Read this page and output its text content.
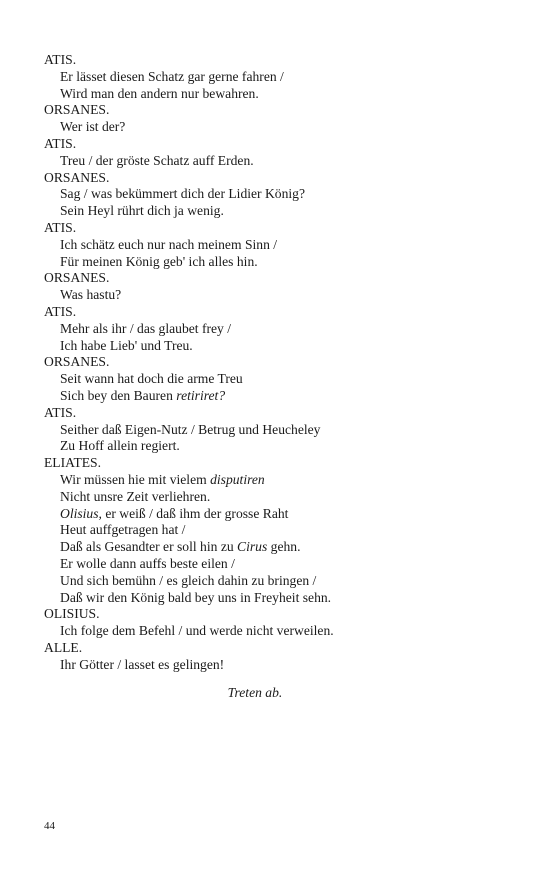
ATIS.
Er lässet diesen Schatz gar gerne fahren /
Wird man den andern nur bewahren.
ORSANES.
Wer ist der?
ATIS.
Treu / der gröste Schatz auff Erden.
ORSANES.
Sag / was bekümmert dich der Lidier König?
Sein Heyl rührt dich ja wenig.
ATIS.
Ich schätz euch nur nach meinem Sinn /
Für meinen König geb' ich alles hin.
ORSANES.
Was hastu?
ATIS.
Mehr als ihr / das glaubet frey /
Ich habe Lieb' und Treu.
ORSANES.
Seit wann hat doch die arme Treu
Sich bey den Bauren retiriret?
ATIS.
Seither daß Eigen-Nutz / Betrug und Heucheley
Zu Hoff allein regiert.
ELIATES.
Wir müssen hie mit vielem disputiren
Nicht unsre Zeit verliehren.
Olisius, er weiß / daß ihm der grosse Raht
Heut auffgetragen hat /
Daß als Gesandter er soll hin zu Cirus gehn.
Er wolle dann auffs beste eilen /
Und sich bemühn / es gleich dahin zu bringen /
Daß wir den König bald bey uns in Freyheit sehn.
OLISIUS.
Ich folge dem Befehl / und werde nicht verweilen.
ALLE.
Ihr Götter / lasset es gelingen!
Treten ab.
44
